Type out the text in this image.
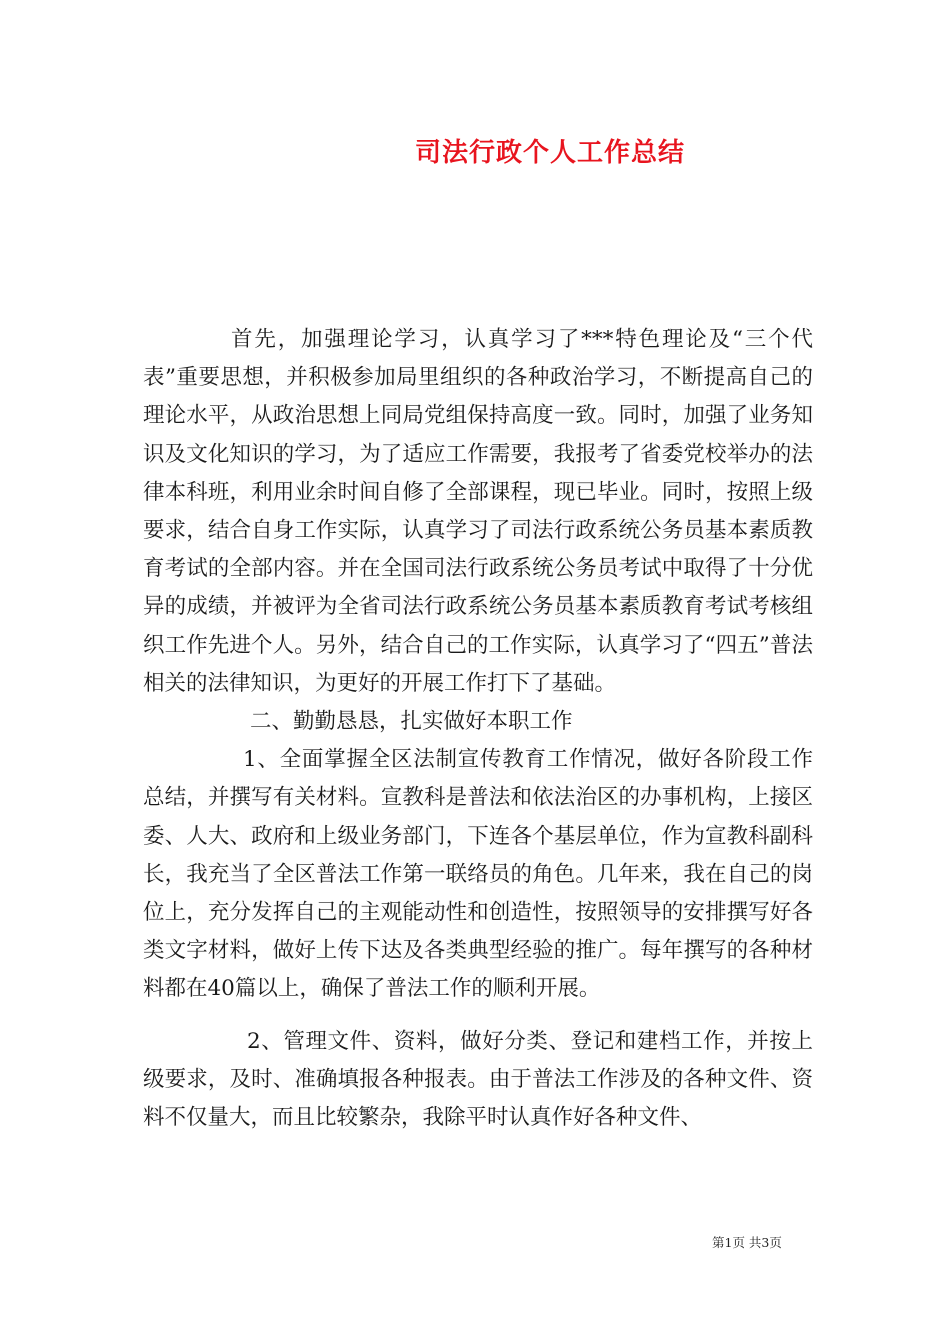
司法行政个人工作总结

首先，加强理论学习，认真学习了***特色理论及“三个代表”重要思想，并积极参加局里组织的各种政治学习，不断提高自己的理论水平，从政治思想上同局党组保持高度一致。同时，加强了业务知识及文化知识的学习，为了适应工作需要，我报考了省委党校举办的法律本科班，利用业余时间自修了全部课程，现已毕业。同时，按照上级要求，结合自身工作实际，认真学习了司法行政系统公务员基本素质教育考试的全部内容。并在全国司法行政系统公务员考试中取得了十分优异的成绩，并被评为全省司法行政系统公务员基本素质教育考试考核组织工作先进个人。另外，结合自己的工作实际，认真学习了“四五”普法相关的法律知识，为更好的开展工作打下了基础。

二、勤勤恳恳，扎实做好本职工作

1、全面掌握全区法制宣传教育工作情况，做好各阶段工作总结，并撰写有关材料。宣教科是普法和依法治区的办事机构，上接区委、人大、政府和上级业务部门，下连各个基层单位，作为宣教科副科长，我充当了全区普法工作第一联络员的角色。几年来，我在自己的岗位上，充分发挥自己的主观能动性和创造性，按照领导的安排撰写好各类文字材料，做好上传下达及各类典型经验的推广。每年撰写的各种材料都在40篇以上，确保了普法工作的顺利开展。

2、管理文件、资料，做好分类、登记和建档工作，并按上级要求，及时、准确填报各种报表。由于普法工作涉及的各种文件、资料不仅量大，而且比较繁杂，我除平时认真作好各种文件、

第1页 共3页
